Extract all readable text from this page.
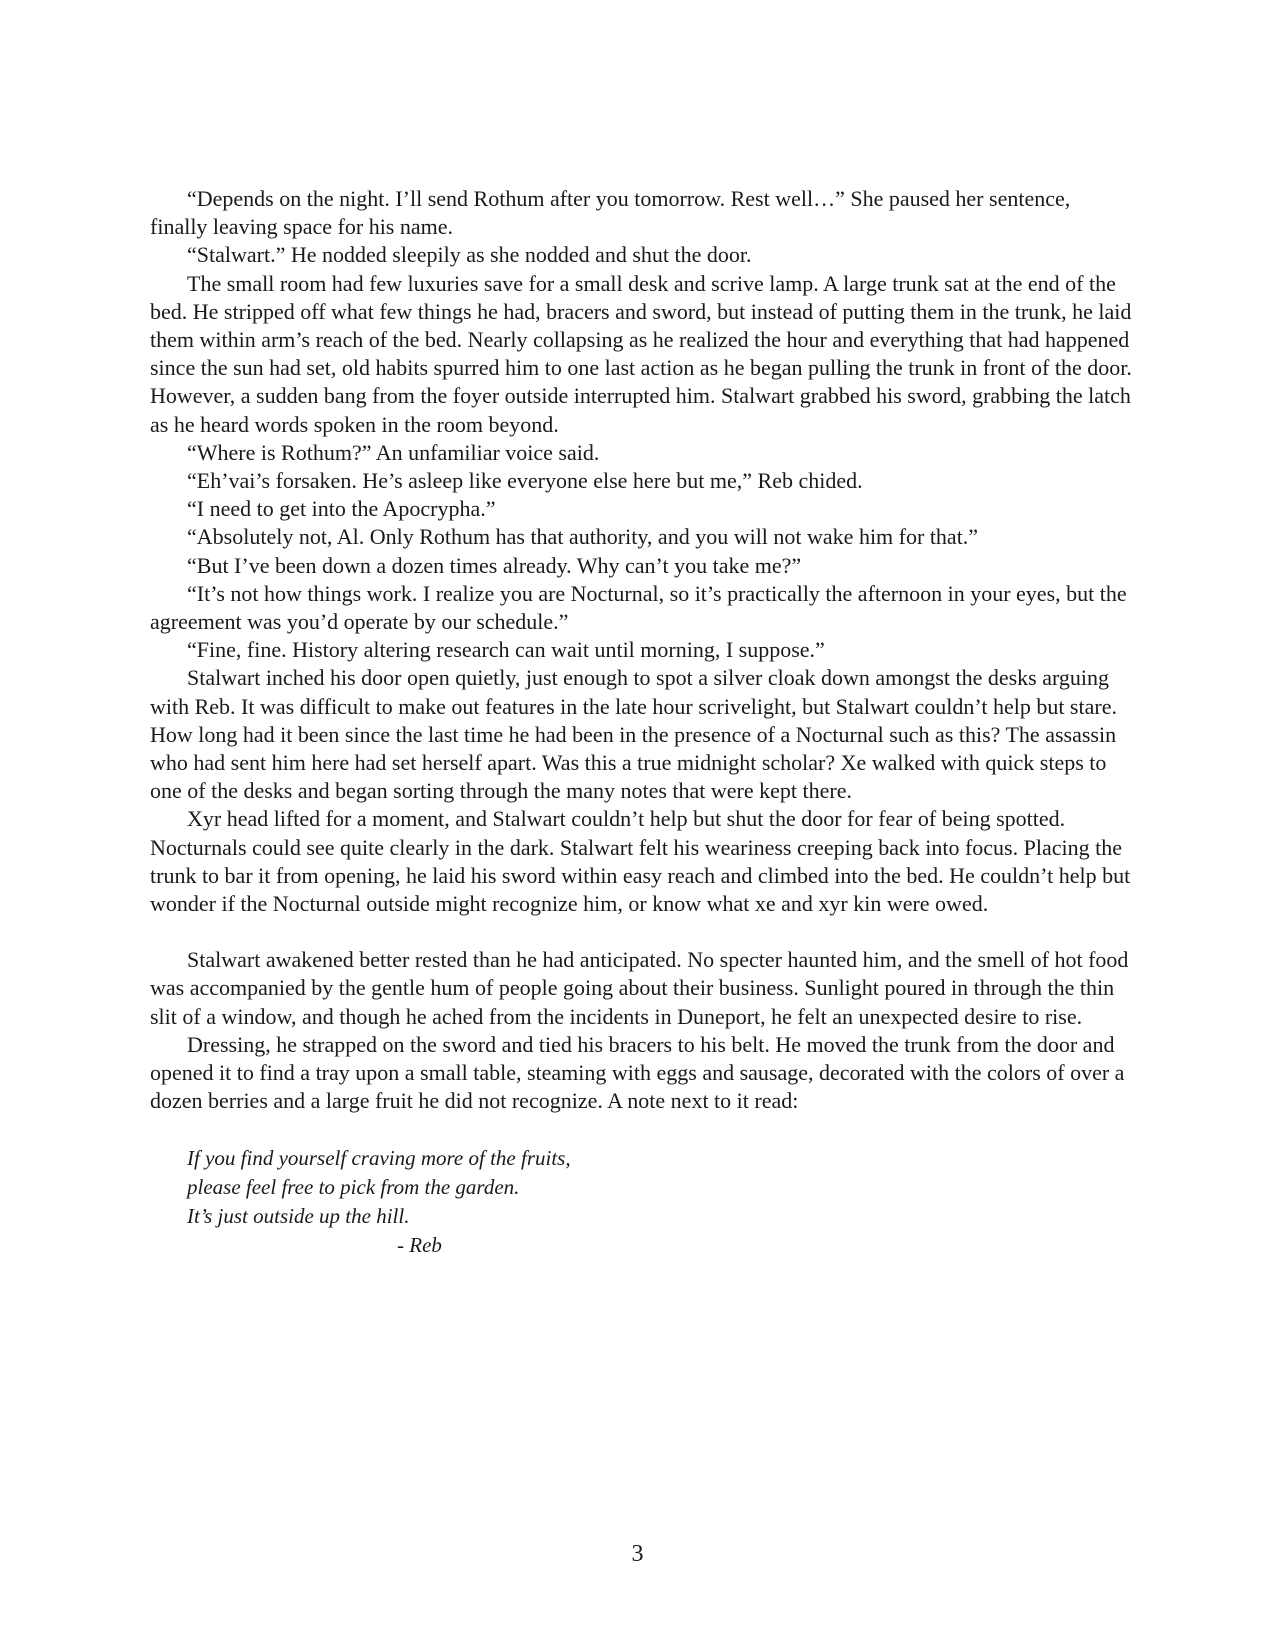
“Depends on the night. I’ll send Rothum after you tomorrow. Rest well…” She paused her sentence, finally leaving space for his name.

“Stalwart.” He nodded sleepily as she nodded and shut the door.

The small room had few luxuries save for a small desk and scrive lamp. A large trunk sat at the end of the bed. He stripped off what few things he had, bracers and sword, but instead of putting them in the trunk, he laid them within arm’s reach of the bed. Nearly collapsing as he realized the hour and everything that had happened since the sun had set, old habits spurred him to one last action as he began pulling the trunk in front of the door. However, a sudden bang from the foyer outside interrupted him. Stalwart grabbed his sword, grabbing the latch as he heard words spoken in the room beyond.

“Where is Rothum?” An unfamiliar voice said.

“Eh’vai’s forsaken. He’s asleep like everyone else here but me,” Reb chided.

“I need to get into the Apocrypha.”

“Absolutely not, Al. Only Rothum has that authority, and you will not wake him for that.”

“But I’ve been down a dozen times already. Why can’t you take me?”

“It’s not how things work. I realize you are Nocturnal, so it’s practically the afternoon in your eyes, but the agreement was you’d operate by our schedule.”

“Fine, fine. History altering research can wait until morning, I suppose.”

Stalwart inched his door open quietly, just enough to spot a silver cloak down amongst the desks arguing with Reb. It was difficult to make out features in the late hour scrivelight, but Stalwart couldn’t help but stare. How long had it been since the last time he had been in the presence of a Nocturnal such as this? The assassin who had sent him here had set herself apart. Was this a true midnight scholar? Xe walked with quick steps to one of the desks and began sorting through the many notes that were kept there.

Xyr head lifted for a moment, and Stalwart couldn’t help but shut the door for fear of being spotted. Nocturnals could see quite clearly in the dark. Stalwart felt his weariness creeping back into focus. Placing the trunk to bar it from opening, he laid his sword within easy reach and climbed into the bed. He couldn’t help but wonder if the Nocturnal outside might recognize him, or know what xe and xyr kin were owed.

Stalwart awakened better rested than he had anticipated. No specter haunted him, and the smell of hot food was accompanied by the gentle hum of people going about their business. Sunlight poured in through the thin slit of a window, and though he ached from the incidents in Duneport, he felt an unexpected desire to rise.

Dressing, he strapped on the sword and tied his bracers to his belt. He moved the trunk from the door and opened it to find a tray upon a small table, steaming with eggs and sausage, decorated with the colors of over a dozen berries and a large fruit he did not recognize. A note next to it read:

If you find yourself craving more of the fruits,

please feel free to pick from the garden.

It’s just outside up the hill.

- Reb

3
